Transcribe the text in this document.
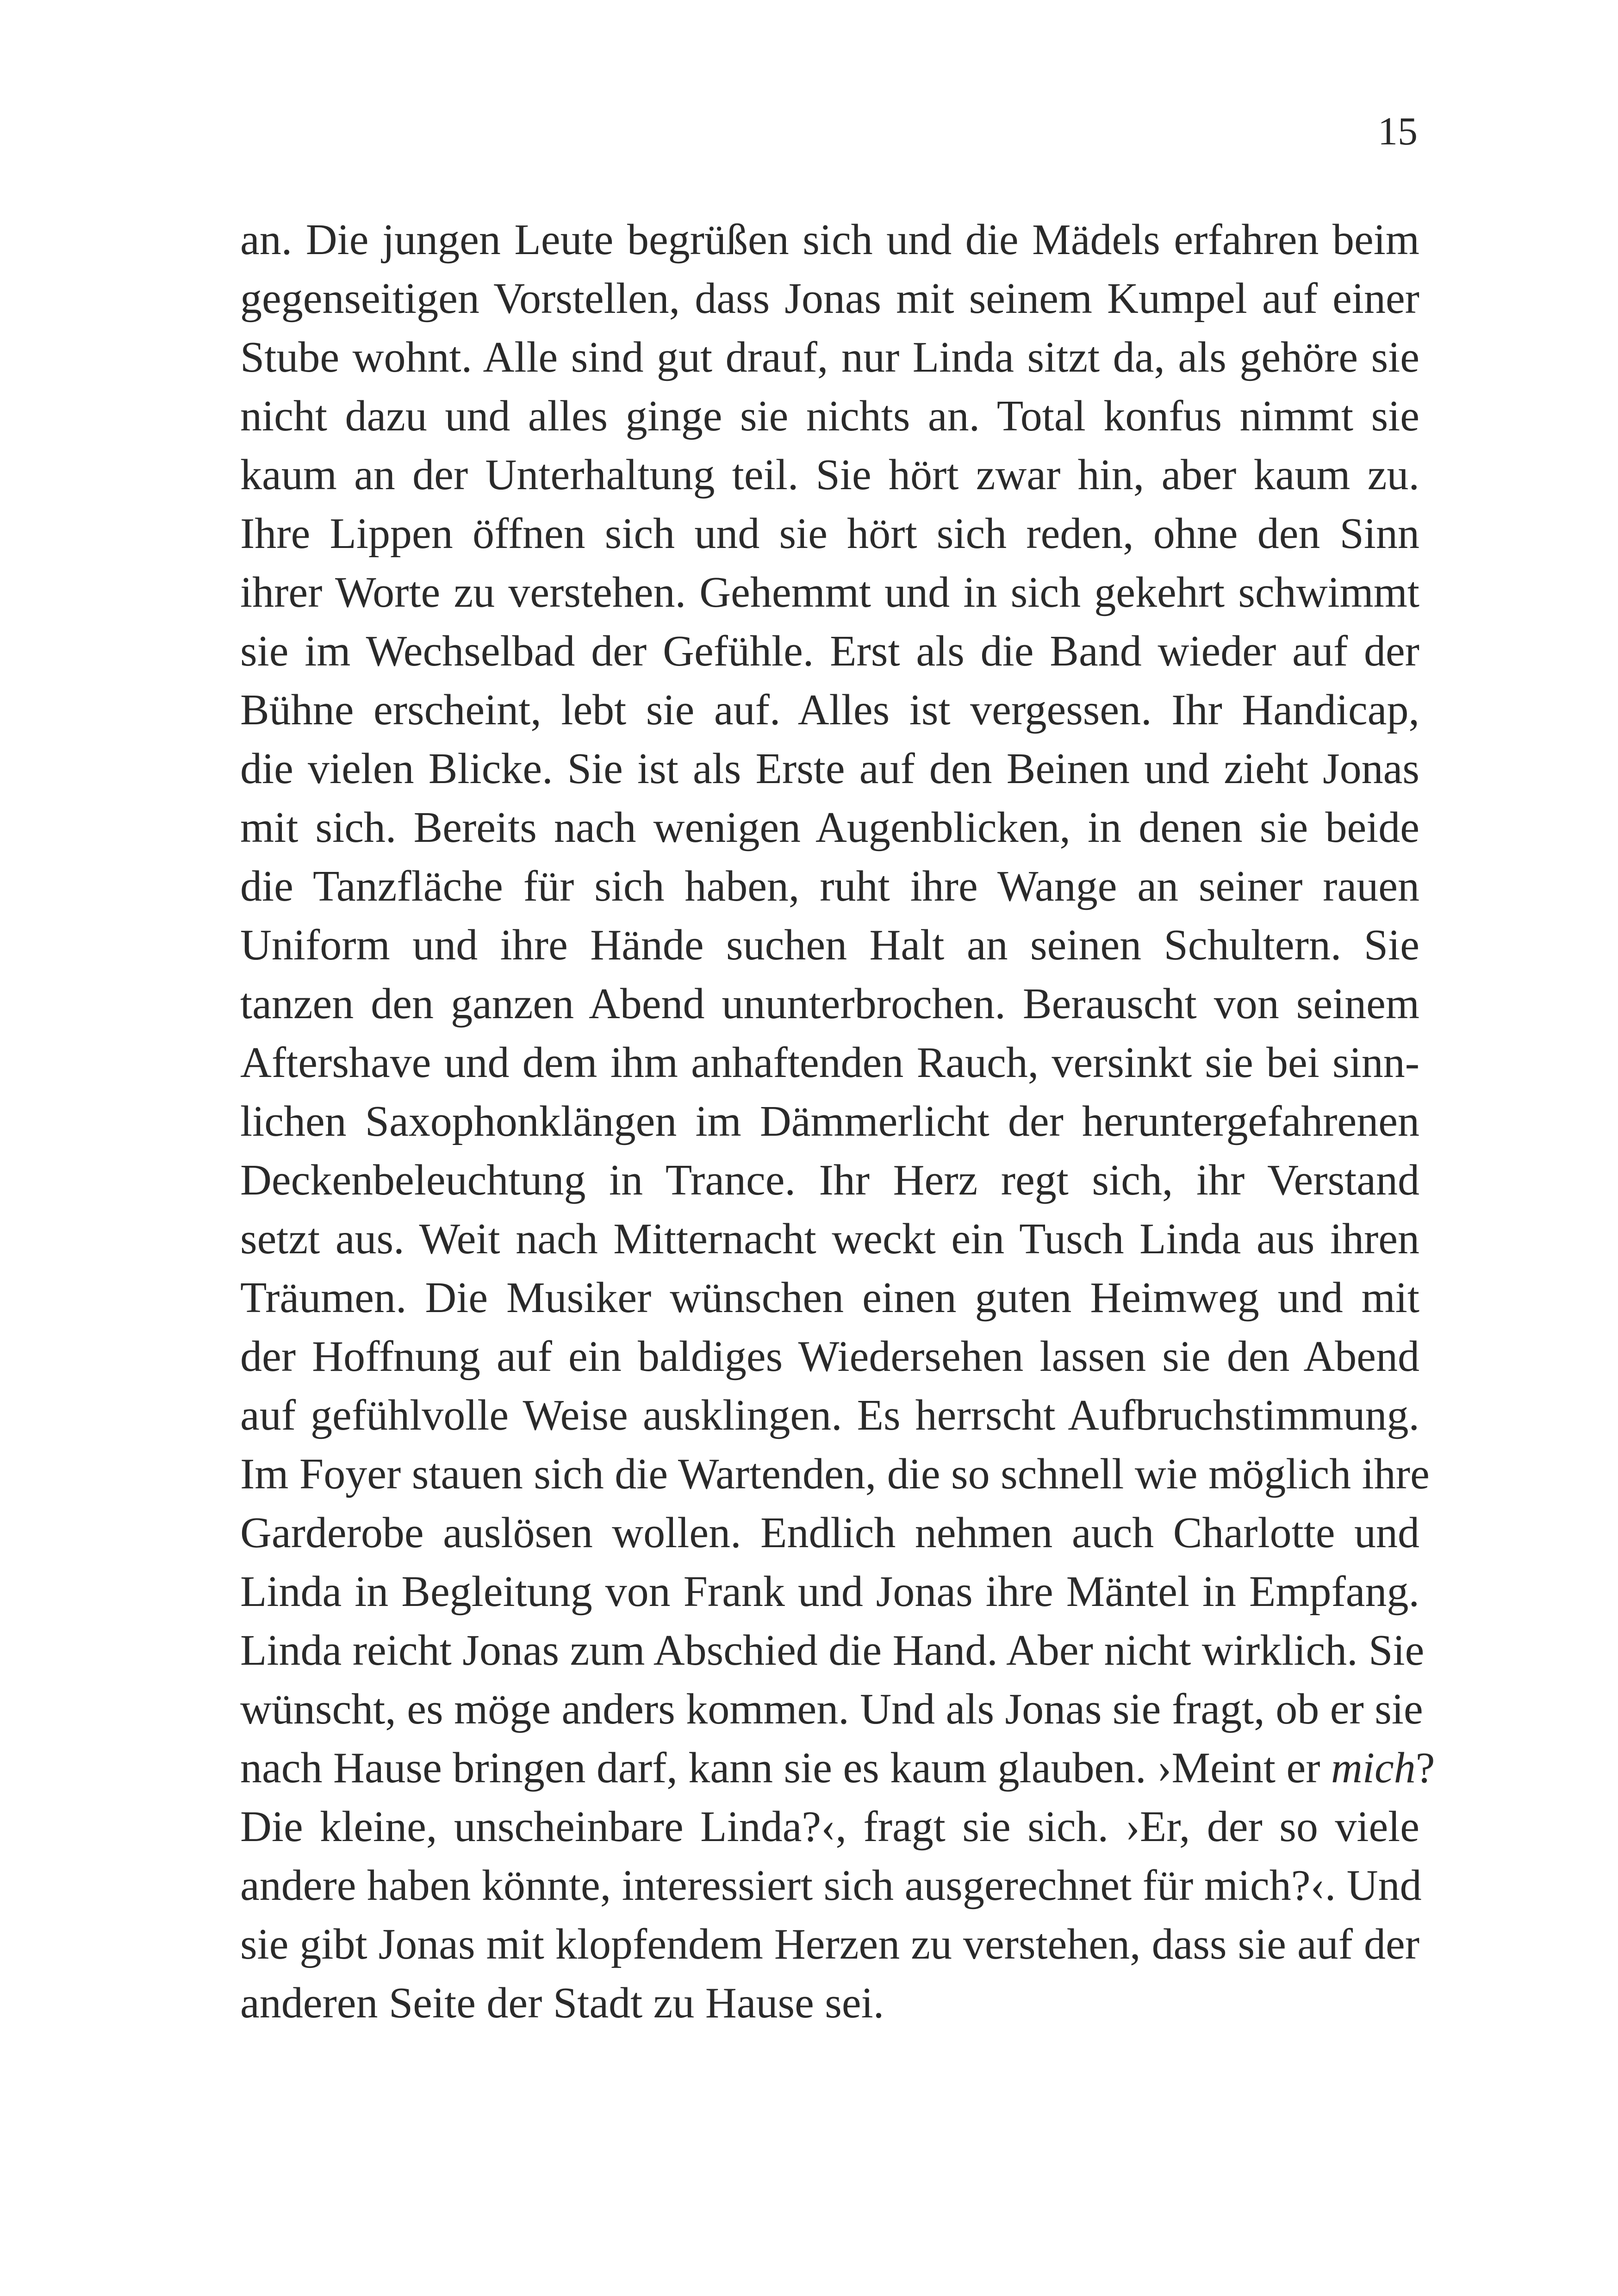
15
an. Die jungen Leute begrüßen sich und die Mädels erfahren beim
gegenseitigen Vorstellen, dass Jonas mit seinem Kumpel auf einer
Stube wohnt. Alle sind gut drauf, nur Linda sitzt da, als gehöre sie
nicht dazu und alles ginge sie nichts an. Total konfus nimmt sie
kaum an der Unterhaltung teil. Sie hört zwar hin, aber kaum zu.
Ihre Lippen öffnen sich und sie hört sich reden, ohne den Sinn
ihrer Worte zu verstehen. Gehemmt und in sich gekehrt schwimmt
sie im Wechselbad der Gefühle. Erst als die Band wieder auf der
Bühne erscheint, lebt sie auf. Alles ist vergessen. Ihr Handicap,
die vielen Blicke. Sie ist als Erste auf den Beinen und zieht Jonas
mit sich. Bereits nach wenigen Augenblicken, in denen sie beide
die Tanzfläche für sich haben, ruht ihre Wange an seiner rauen
Uniform und ihre Hände suchen Halt an seinen Schultern. Sie
tanzen den ganzen Abend ununterbrochen. Berauscht von seinem
Aftershave und dem ihm anhaftenden Rauch, versinkt sie bei sinn-
lichen Saxophonklängen im Dämmerlicht der heruntergefahrenen
Deckenbeleuchtung in Trance. Ihr Herz regt sich, ihr Verstand
setzt aus. Weit nach Mitternacht weckt ein Tusch Linda aus ihren
Träumen. Die Musiker wünschen einen guten Heimweg und mit
der Hoffnung auf ein baldiges Wiedersehen lassen sie den Abend
auf gefühlvolle Weise ausklingen. Es herrscht Aufbruchstimmung.
Im Foyer stauen sich die Wartenden, die so schnell wie möglich ihre
Garderobe auslösen wollen. Endlich nehmen auch Charlotte und
Linda in Begleitung von Frank und Jonas ihre Mäntel in Empfang.
Linda reicht Jonas zum Abschied die Hand. Aber nicht wirklich. Sie
wünscht, es möge anders kommen. Und als Jonas sie fragt, ob er sie
nach Hause bringen darf, kann sie es kaum glauben. ›Meint er mich?
Die kleine, unscheinbare Linda?‹, fragt sie sich. ›Er, der so viele
andere haben könnte, interessiert sich ausgerechnet für mich?‹. Und
sie gibt Jonas mit klopfendem Herzen zu verstehen, dass sie auf der
anderen Seite der Stadt zu Hause sei.
